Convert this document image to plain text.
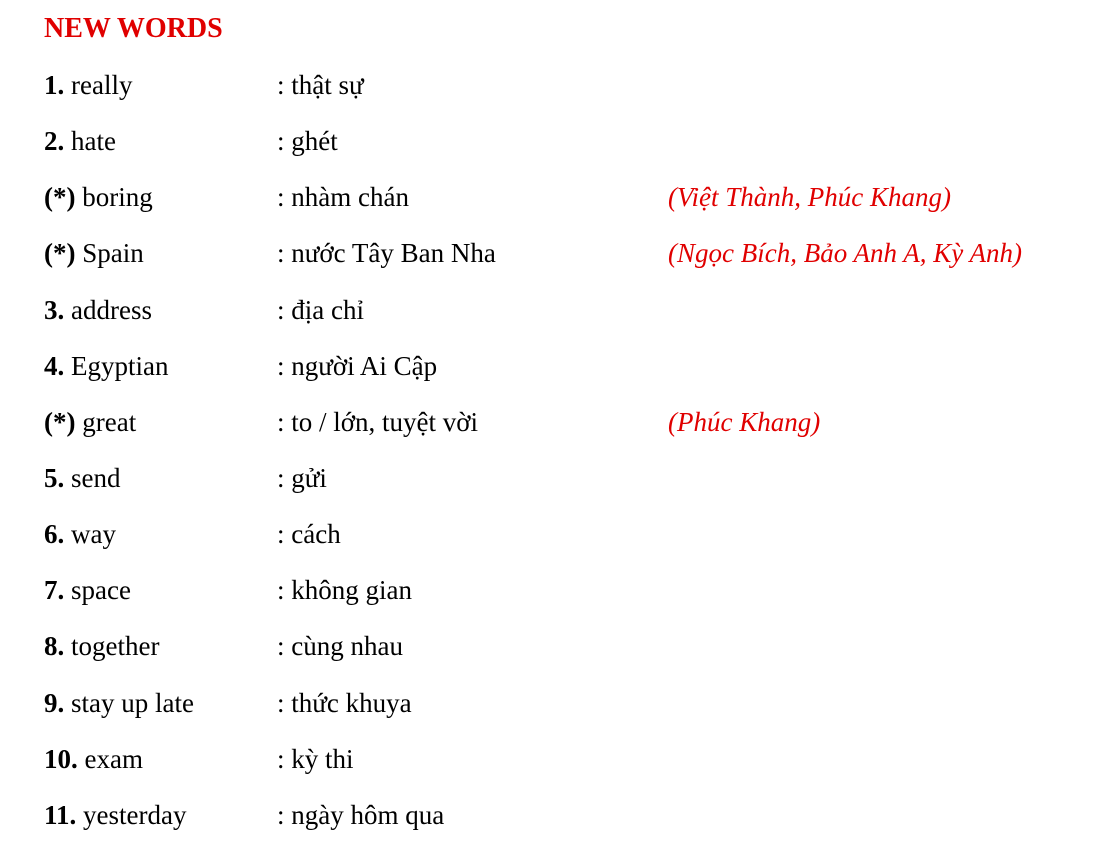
NEW WORDS
1. really	: thật sự
2. hate	: ghét
(*) boring	: nhàm chán	(Việt Thành, Phúc Khang)
(*) Spain	: nước Tây Ban Nha	(Ngọc Bích, Bảo Anh A, Kỳ Anh)
3. address	: địa chỉ
4. Egyptian	: người Ai Cập
(*) great	: to / lớn, tuyệt vời	(Phúc Khang)
5. send	: gửi
6. way	: cách
7. space	: không gian
8. together	: cùng nhau
9. stay up late	: thức khuya
10. exam	: kỳ thi
11. yesterday	: ngày hôm qua
